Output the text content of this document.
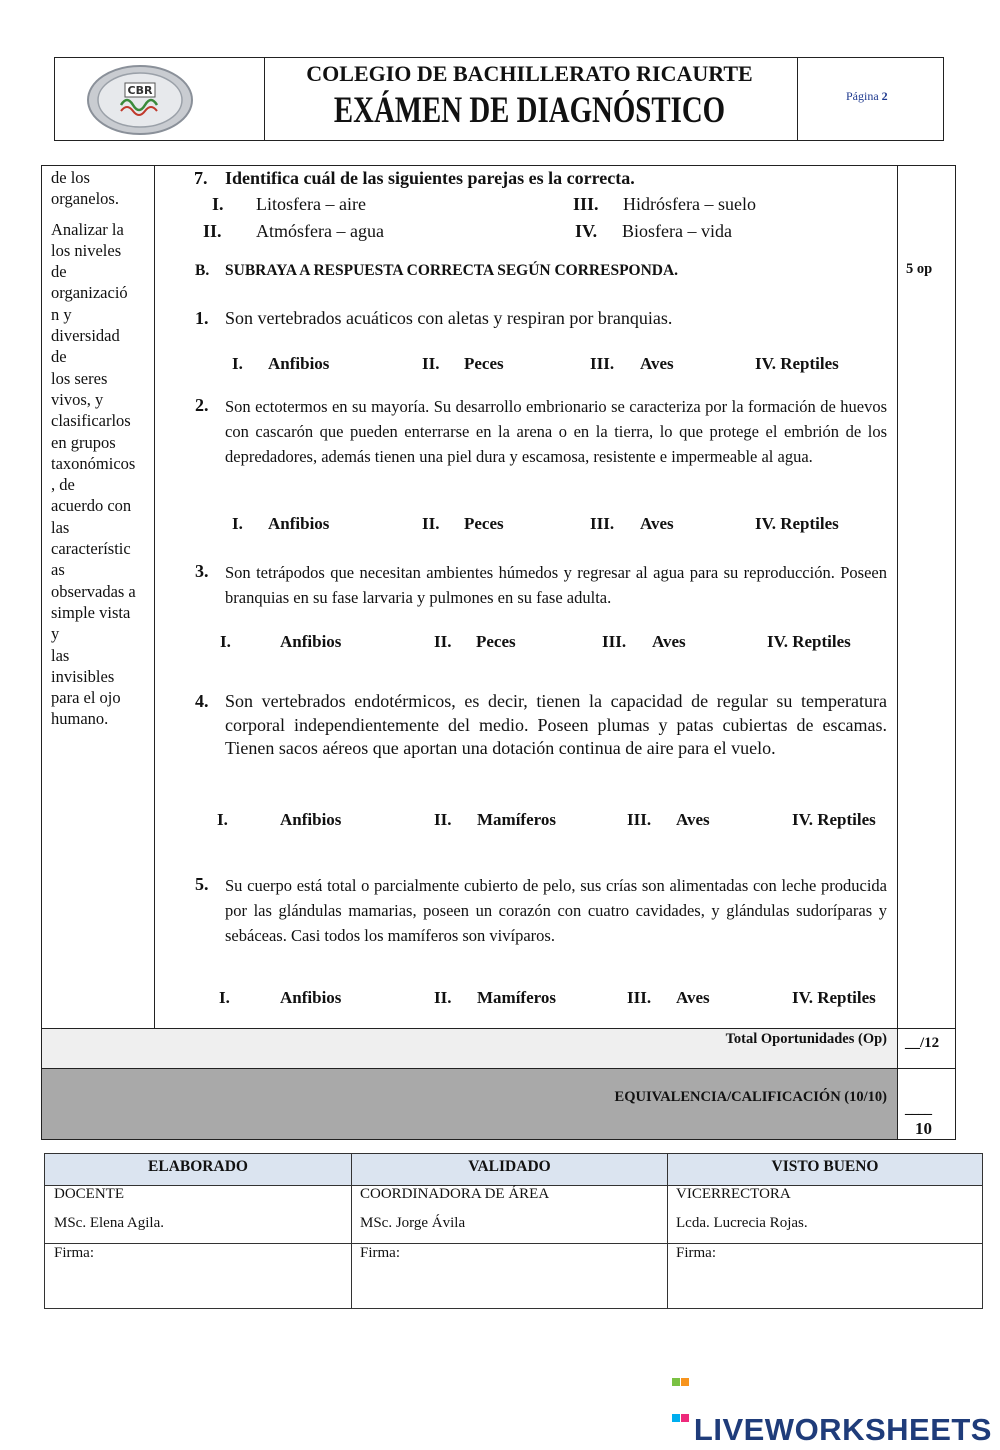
CBR
COLEGIO DE BACHILLERATO RICAURTE
EXÁMEN DE DIAGNÓSTICO	Página 2

de los organelos.

Analizar la
los niveles
de
organizació
n y
diversidad
de
los seres
vivos, y
clasificarlos
en grupos
taxonómicos
, de
acuerdo con
las
característic
as
observadas a
simple vista
y
las
invisibles
para el ojo
humano.
7. Identifica cuál de las siguientes parejas es la correcta.
I. Litosfera – aire
II. Atmósfera – agua
III. Hidrósfera – suelo
IV. Biosfera – vida
B. SUBRAYA A RESPUESTA CORRECTA SEGÚN CORRESPONDA.	5 op
1. Son vertebrados acuáticos con aletas y respiran por branquias.
I. Anfibios	II. Peces	III. Aves	IV. Reptiles
2. Son ectotermos en su mayoría. Su desarrollo embrionario se caracteriza por la formación de huevos con cascarón que pueden enterrarse en la arena o en la tierra, lo que protege el embrión de los depredadores, además tienen una piel dura y escamosa, resistente e impermeable al agua.
I. Anfibios	II. Peces	III. Aves	IV. Reptiles
3. Son tetrápodos que necesitan ambientes húmedos y regresar al agua para su reproducción. Poseen branquias en su fase larvaria y pulmones en su fase adulta.
I.	Anfibios	II. Peces	III. Aves	IV. Reptiles
4. Son vertebrados endotérmicos, es decir, tienen la capacidad de regular su temperatura corporal independientemente del medio. Poseen plumas y patas cubiertas de escamas. Tienen sacos aéreos que aportan una dotación continua de aire para el vuelo.
I.	Anfibios	II. Mamíferos	III. Aves	IV. Reptiles
5. Su cuerpo está total o parcialmente cubierto de pelo, sus crías son alimentadas con leche producida por las glándulas mamarias, poseen un corazón con cuatro cavidades, y glándulas sudoríparas y sebáceas. Casi todos los mamíferos son vivíparos.
I.	Anfibios	II. Mamíferos	III. Aves	IV. Reptiles
Total Oportunidades (Op) __/12
EQUIVALENCIA/CALIFICACIÓN (10/10)
____
10
ELABORADO	VALIDADO	VISTO BUENO
DOCENTE	COORDINADORA DE ÁREA	VICERRECTORA
MSc. Elena Agila.	MSc. Jorge Ávila	Lcda. Lucrecia Rojas.
Firma:	Firma:	Firma:

LIVEWORKSHEETS
